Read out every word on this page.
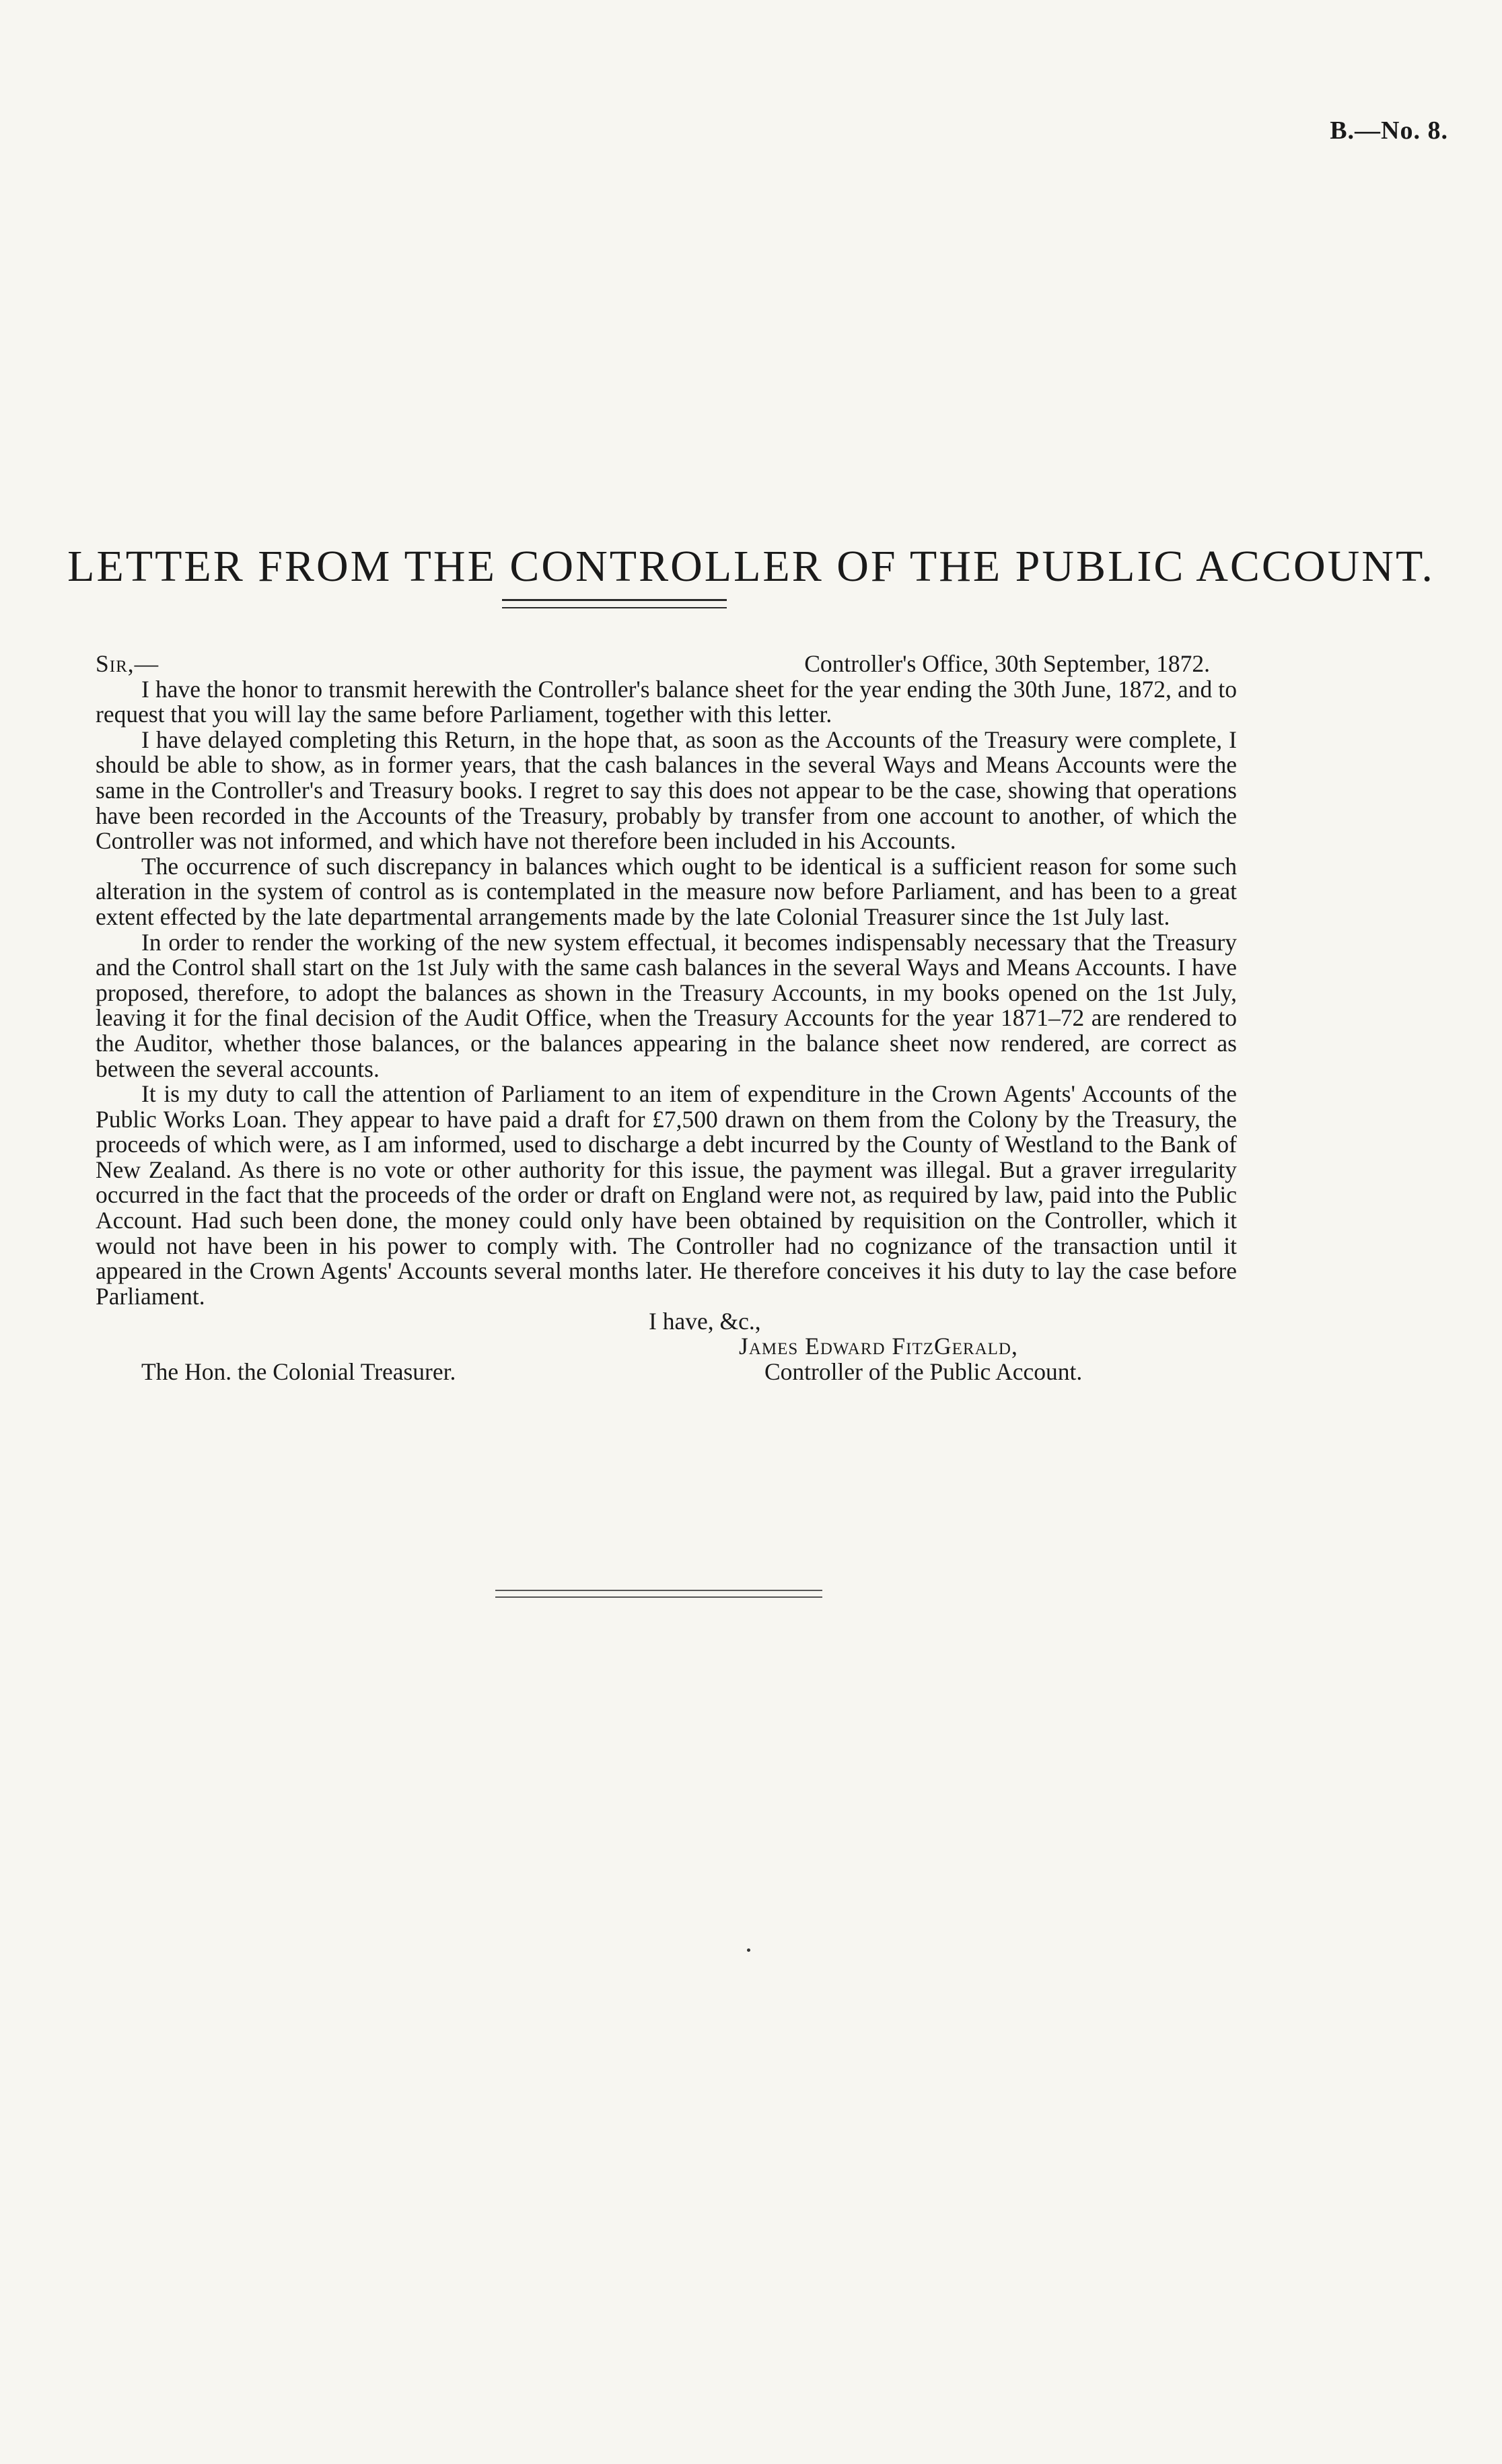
B.—No. 8.
LETTER FROM THE CONTROLLER OF THE PUBLIC ACCOUNT.
Sir,—	Controller's Office, 30th September, 1872.

I have the honor to transmit herewith the Controller's balance sheet for the year ending the 30th June, 1872, and to request that you will lay the same before Parliament, together with this letter.

I have delayed completing this Return, in the hope that, as soon as the Accounts of the Treasury were complete, I should be able to show, as in former years, that the cash balances in the several Ways and Means Accounts were the same in the Controller's and Treasury books. I regret to say this does not appear to be the case, showing that operations have been recorded in the Accounts of the Treasury, probably by transfer from one account to another, of which the Controller was not informed, and which have not therefore been included in his Accounts.

The occurrence of such discrepancy in balances which ought to be identical is a sufficient reason for some such alteration in the system of control as is contemplated in the measure now before Parliament, and has been to a great extent effected by the late departmental arrangements made by the late Colonial Treasurer since the 1st July last.

In order to render the working of the new system effectual, it becomes indispensably necessary that the Treasury and the Control shall start on the 1st July with the same cash balances in the several Ways and Means Accounts. I have proposed, therefore, to adopt the balances as shown in the Treasury Accounts, in my books opened on the 1st July, leaving it for the final decision of the Audit Office, when the Treasury Accounts for the year 1871–72 are rendered to the Auditor, whether those balances, or the balances appearing in the balance sheet now rendered, are correct as between the several accounts.

It is my duty to call the attention of Parliament to an item of expenditure in the Crown Agents' Accounts of the Public Works Loan. They appear to have paid a draft for £7,500 drawn on them from the Colony by the Treasury, the proceeds of which were, as I am informed, used to discharge a debt incurred by the County of Westland to the Bank of New Zealand. As there is no vote or other authority for this issue, the payment was illegal. But a graver irregularity occurred in the fact that the proceeds of the order or draft on England were not, as required by law, paid into the Public Account. Had such been done, the money could only have been obtained by requisition on the Controller, which it would not have been in his power to comply with. The Controller had no cognizance of the transaction until it appeared in the Crown Agents' Accounts several months later. He therefore conceives it his duty to lay the case before Parliament.

I have, &c.,
James Edward FitzGerald,
The Hon. the Colonial Treasurer.	Controller of the Public Account.
